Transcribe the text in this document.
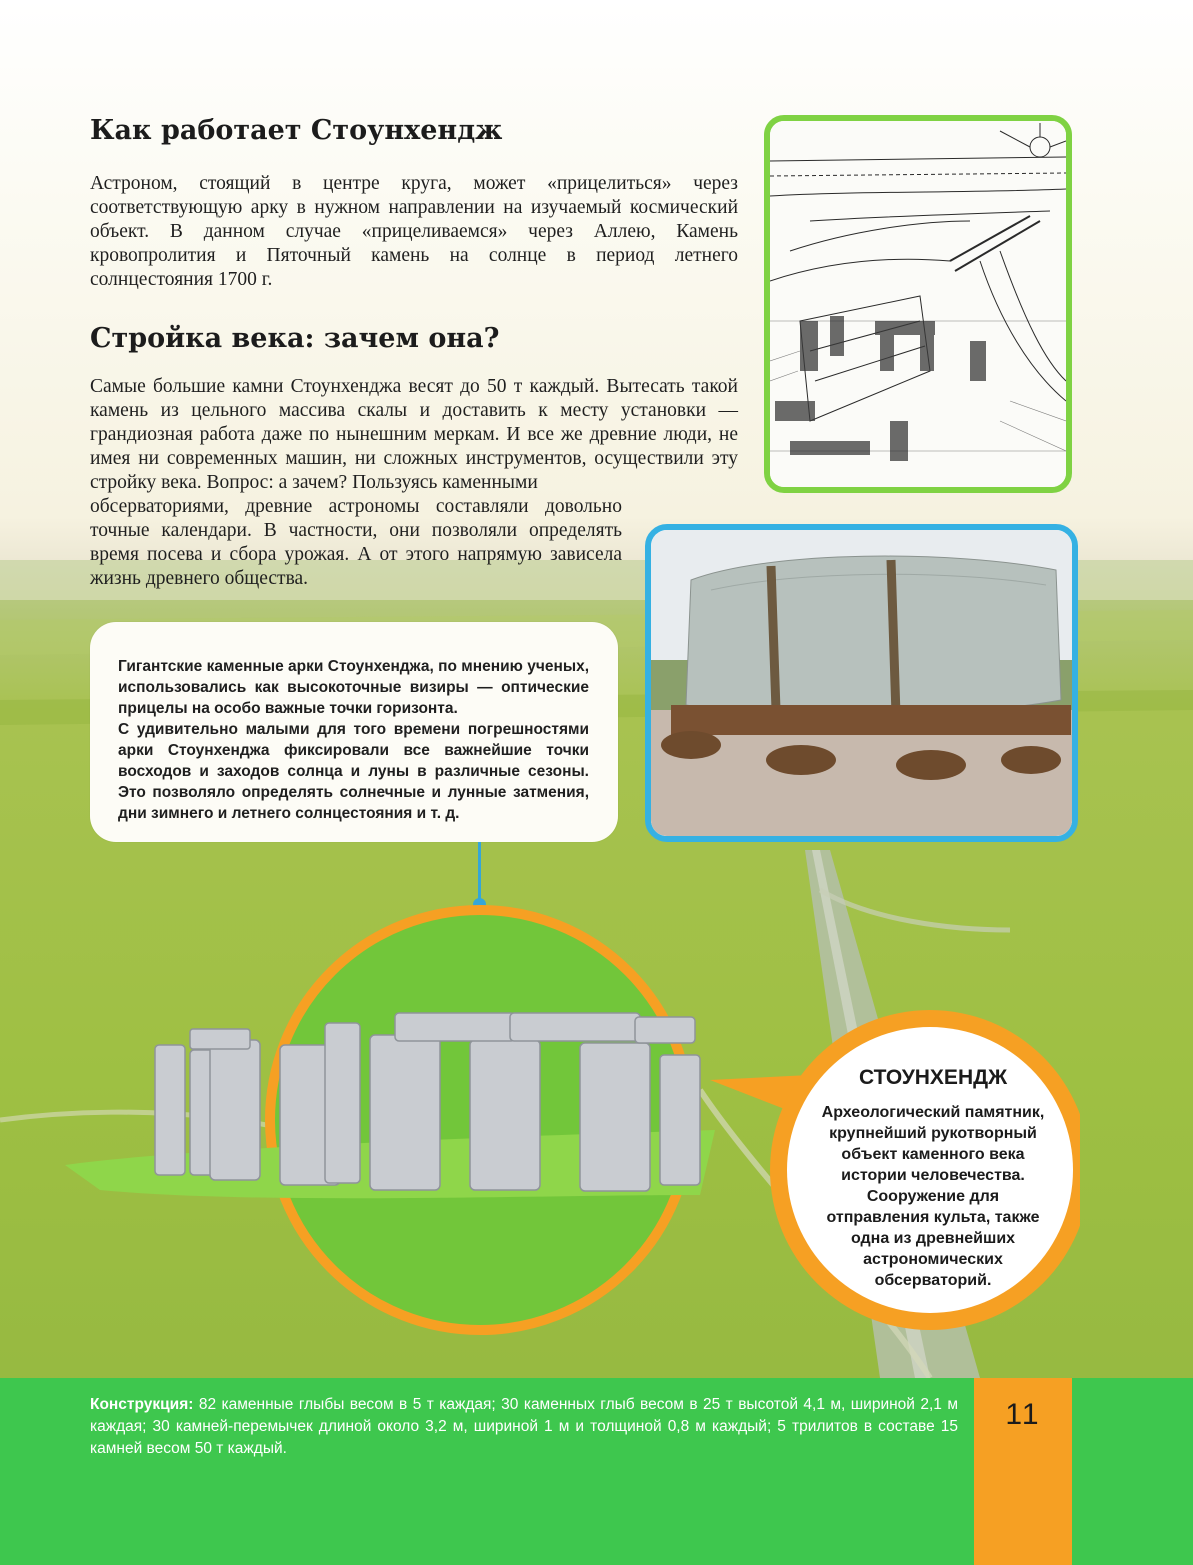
Как работает Стоунхендж

Астроном, стоящий в центре круга, может «прицелиться» через соответствующую арку в нужном направлении на изучаемый космический объект. В данном случае «прицеливаемся» через Аллею, Камень кровопролития и Пяточный камень на солнце в период летнего солнцестояния 1700 г.

Стройка века: зачем она?

Самые большие камни Стоунхенджа весят до 50 т каждый. Вытесать такой камень из цельного массива скалы и доставить к месту установки — грандиозная работа даже по нынешним меркам. И все же древние люди, не имея ни современных машин, ни сложных инструментов, осуществили эту стройку века. Вопрос: а зачем? Пользуясь каменными

обсерваториями, древние астрономы составляли довольно точные календари. В частности, они позволяли определять время посева и сбора урожая. А от этого напрямую зависела жизнь древнего общества.

Гигантские каменные арки Стоунхенджа, по мнению ученых, использовались как высокоточные визиры — оптические прицелы на особо важные точки горизонта.

С удивительно малыми для того времени погрешностями арки Стоунхенджа фиксировали все важнейшие точки восходов и заходов солнца и луны в различные сезоны. Это позволяло определять солнечные и лунные затмения, дни зимнего и летнего солнцестояния и т. д.

СТОУНХЕНДЖ
Археологический памятник, крупнейший рукотворный объект каменного века истории человечества. Сооружение для отправления культа, также одна из древнейших астрономических обсерваторий.
Конструкция: 82 каменные глыбы весом в 5 т каждая; 30 каменных глыб весом в 25 т высотой 4,1 м, шириной 2,1 м каждая; 30 камней-перемычек длиной около 3,2 м, шириной 1 м и толщиной 0,8 м каждый; 5 трилитов в составе 15 камней весом 50 т каждый.
11
